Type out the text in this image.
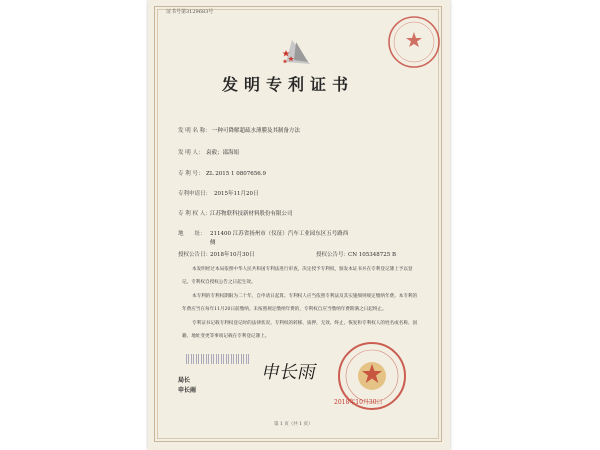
证书号第3129683号
发明专利证书
发 明 名 称： 一种可降解超疏水薄膜及其制备方法
发 明 人： 袁毅；邵海娟
专 利 号： ZL 2015 1 0807656.9
专利申请日： 2015年11月20日
专 利 权 人： 江苏物联科技新材料股份有限公司
地　　址： 211400 江苏省扬州市（仪征）汽车工业园东区五号路西
侧
授权公告日：
2018年10月30日	授权公告号：
CN 105348725 B

本发明经过本局依照中华人民共和国专利法进行审查，决定授予专利权，颁发本证书并在专利登记簿上予以登记。专利权自授权公告之日起生效。

本专利的专利权期限为二十年，自申请日起算。专利权人应当依照专利法及其实施细则规定缴纳年费。本专利的年费应当在每年11月20日前缴纳。未按照规定缴纳年费的，专利权自应当缴纳年费期满之日起终止。

专利证书记载专利权登记时的法律状况。专利权的转移、质押、无效、终止、恢复和专利权人的姓名或名称、国籍、地址变更等事项记载在专利登记簿上。

局长
申长雨
申长雨
2018年10月30日
第 1 页（共 1 页）
